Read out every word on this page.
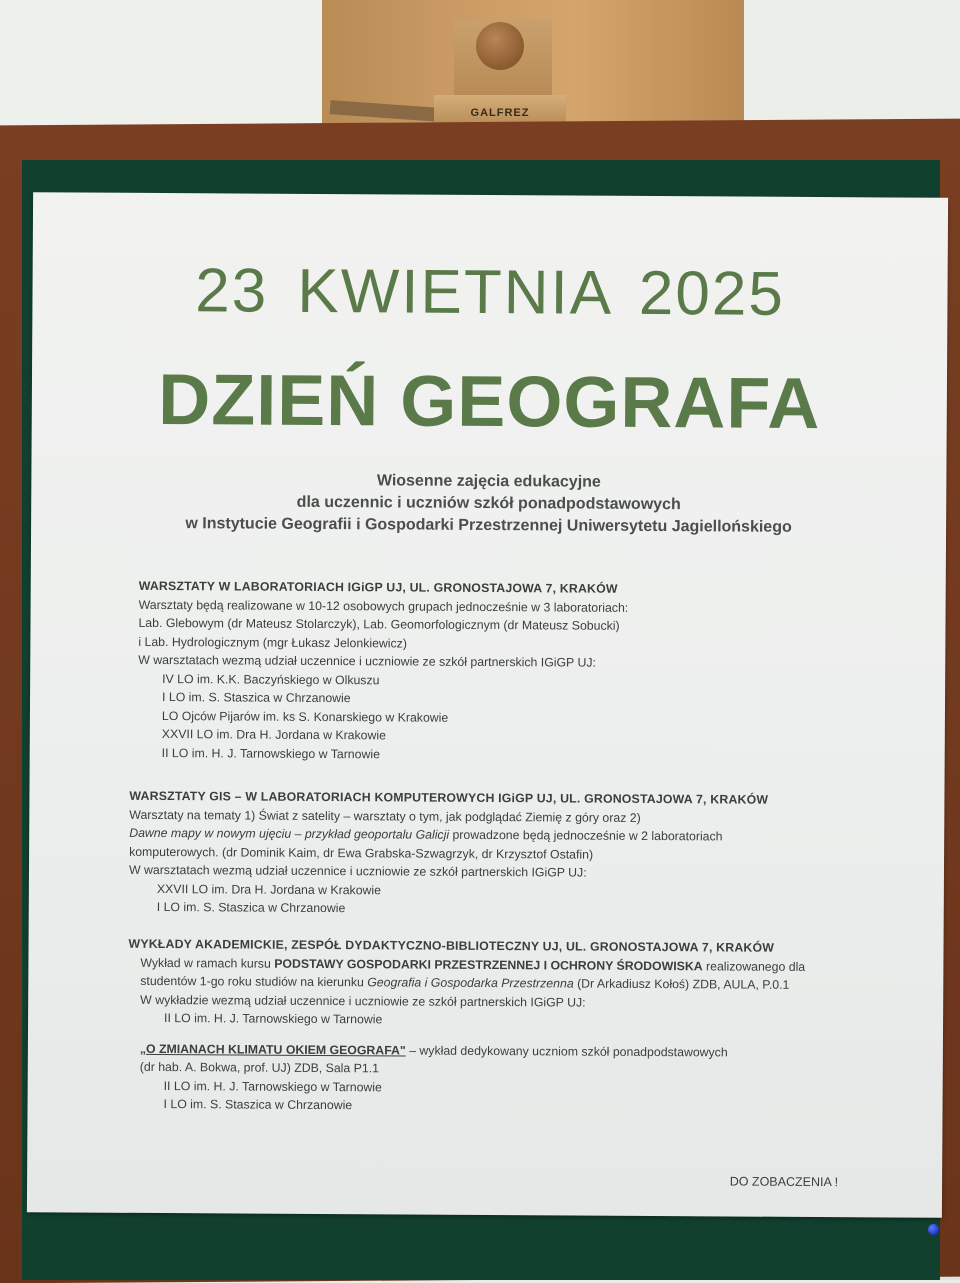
GALFREZ
23 KWIETNIA 2025
DZIEŃ GEOGRAFA
Wiosenne zajęcia edukacyjne
dla uczennic i uczniów szkół ponadpodstawowych
w Instytucie Geografii i Gospodarki Przestrzennej Uniwersytetu Jagiellońskiego
WARSZTATY W LABORATORIACH IGiGP UJ, UL. GRONOSTAJOWA 7, KRAKÓW
Warsztaty będą realizowane w 10-12 osobowych grupach jednocześnie w 3 laboratoriach:
Lab. Glebowym (dr Mateusz Stolarczyk), Lab. Geomorfologicznym (dr Mateusz Sobucki)
i Lab. Hydrologicznym (mgr Łukasz Jelonkiewicz)
W warsztatach wezmą udział uczennice i uczniowie ze szkół partnerskich IGiGP UJ:
IV LO im. K.K. Baczyńskiego w Olkuszu
I LO im. S. Staszica w Chrzanowie
LO Ojców Pijarów im. ks S. Konarskiego w Krakowie
XXVII LO im. Dra H. Jordana w Krakowie
II LO im. H. J. Tarnowskiego w Tarnowie
WARSZTATY GIS – W LABORATORIACH KOMPUTEROWYCH IGiGP UJ, UL. GRONOSTAJOWA 7, KRAKÓW
Warsztaty na tematy 1) Świat z satelity – warsztaty o tym, jak podglądać Ziemię z góry oraz 2)
Dawne mapy w nowym ujęciu – przykład geoportalu Galicji prowadzone będą jednocześnie w 2 laboratoriach
komputerowych. (dr Dominik Kaim, dr Ewa Grabska-Szwagrzyk, dr Krzysztof Ostafin)
W warsztatach wezmą udział uczennice i uczniowie ze szkół partnerskich IGiGP UJ:
XXVII LO im. Dra H. Jordana w Krakowie
I LO im. S. Staszica w Chrzanowie
WYKŁADY AKADEMICKIE, ZESPÓŁ DYDAKTYCZNO-BIBLIOTECZNY UJ, UL. GRONOSTAJOWA 7, KRAKÓW
Wykład w ramach kursu PODSTAWY GOSPODARKI PRZESTRZENNEJ I OCHRONY ŚRODOWISKA realizowanego dla
studentów 1-go roku studiów na kierunku Geografia i Gospodarka Przestrzenna (Dr Arkadiusz Kołoś) ZDB, AULA, P.0.1
W wykładzie wezmą udział uczennice i uczniowie ze szkół partnerskich IGiGP UJ:
II LO im. H. J. Tarnowskiego w Tarnowie
„O ZMIANACH KLIMATU OKIEM GEOGRAFA" – wykład dedykowany uczniom szkół ponadpodstawowych
(dr hab. A. Bokwa, prof. UJ) ZDB, Sala P1.1
II LO im. H. J. Tarnowskiego w Tarnowie
I LO im. S. Staszica w Chrzanowie
DO ZOBACZENIA !
